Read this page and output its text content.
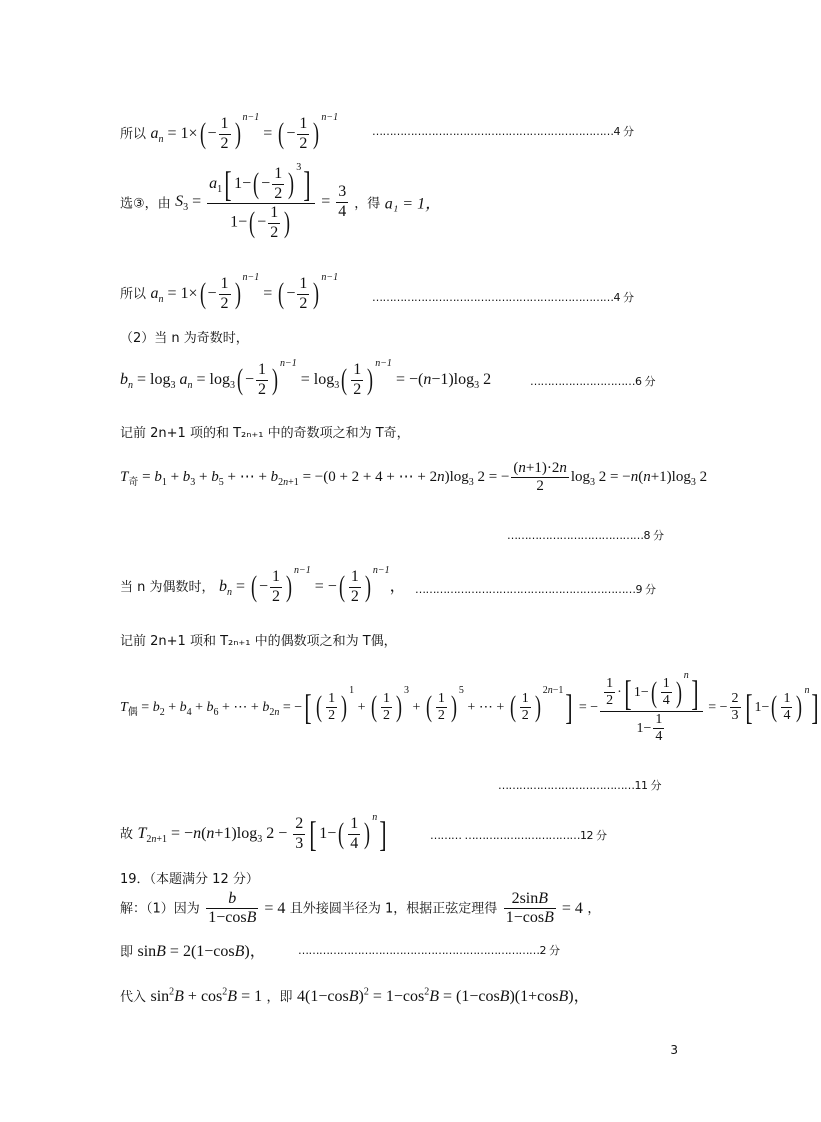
所以 $a_n = 1\times( - \frac{1}{2}$ ) $^{n-1}$ = ( − $\frac{1}{2}$ ) $^{n-1}$
……………………………………………………………4 分
选③，由 $S_3 = \frac{a_1[ 1-( - \frac{1}{2} ) ^3]}{1-( - \frac{1}{2} )} = \frac{3}{4}$ ，得 a₁ = 1，
所以 $a_n = 1\times( - \frac{1}{2}$ ) $^{n-1}$ = ( − $\frac{1}{2}$ ) $^{n-1}$
……………………………………………………………4 分
（2）当 n 为奇数时，
$b_n = \log_3 a_n = \log_3( - \frac{1}{2}$ ) $^{n-1} = \log_3( \frac{1}{2}$ ) $^{n-1} = -(n-1)\log_3$ 2	…………………………6 分
记前 2n+1 项的和 T₂ₙ₊₁ 中的奇数项之和为 T奇，
$T_奇 = b_1 + b_3 + b_5$ + ⋯ + $b_{2n+1} = -(0 + 2 + 4$ + ⋯ + $2n)\log_3$ 2 = − $\frac{(n+1)\cdot 2n}{2} \log_3 2 = -n(n+1)\log_3$ 2
…………………………………8 分
当 n 为偶数时， $b_n$ = ( − $\frac{1}{2}$ ) $^{n-1}$ = −( $\frac{1}{2}$ ) $^{n-1}$， ………………………………………………………9 分
记前 2n+1 项和 T₂ₙ₊₁ 中的偶数项之和为 T偶，
$T_偶 = b_2 + b_4 + b_6$ + ⋯ + $b_{2n}$ = −[ ( $\frac{1}{2} )^1$ + ( $\frac{1}{2} )^3$ + ( $\frac{1}{2} )^5$ + ⋯ + ( $\frac{1}{2} )^{2n-1}$] = − $\frac{\frac{1}{2} \cdot[ 1-( \frac{1}{4} )^n]}{1- \frac{1}{4}}$ = − $\frac{2}{3}$ [ $1-( \frac{1}{4} )^n$]
…………………………………11 分
故 $T_{2n+1} = -n(n+1)\log_3$ $2 - \frac{2}{3}$ [ $1-( \frac{1}{4}$ ) $^n$]	……… ……………………………12 分
19．（本题满分 12 分）
解：（1）因为 $\frac{b}{1-\cos B} = 4$ 且外接圆半径为 1，根据正弦定理得 $\frac{2\sin B}{1-\cos B} = 4$ ，
即 sinB = 2(1−cosB)，	……………………………………………………………2 分
代入 $\sin^2B + \cos^2B = 1$ ，即 $4(1-\cos B)^2 = 1-\cos^2B = (1-\cos B)(1+\cos B)$，
3
